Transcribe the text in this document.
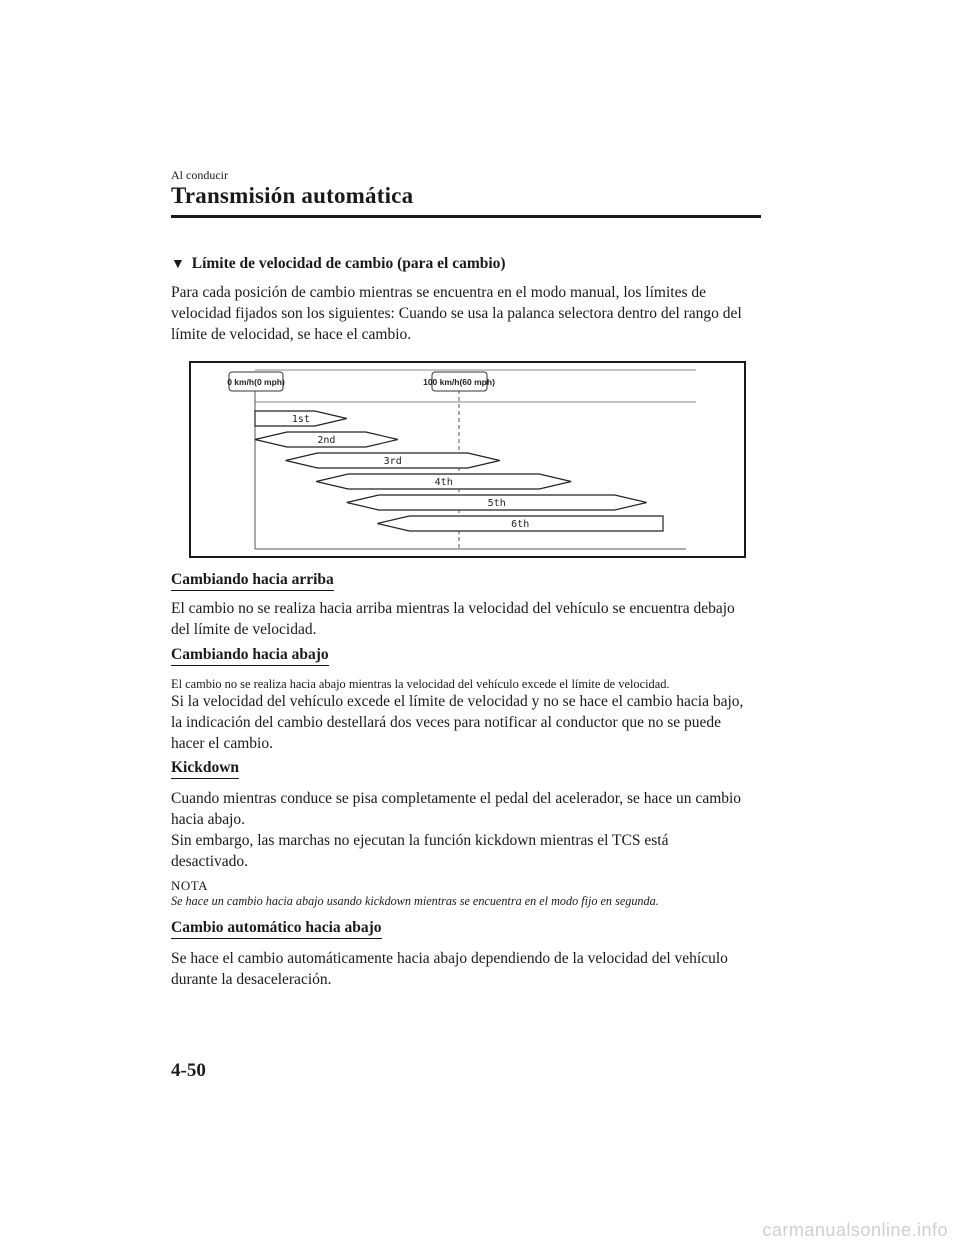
Al conducir
Transmisión automática
▼ Límite de velocidad de cambio (para el cambio)
Para cada posición de cambio mientras se encuentra en el modo manual, los límites de
velocidad fijados son los siguientes: Cuando se usa la palanca selectora dentro del rango del
límite de velocidad, se hace el cambio.
0 km/h(0 mph)	100 km/h(60 mph)
1st
2nd
3rd
4th
5th
6th
Cambiando hacia arriba
El cambio no se realiza hacia arriba mientras la velocidad del vehículo se encuentra debajo
del límite de velocidad.
Cambiando hacia abajo
El cambio no se realiza hacia abajo mientras la velocidad del vehículo excede el límite de velocidad.
Si la velocidad del vehículo excede el límite de velocidad y no se hace el cambio hacia bajo,
la indicación del cambio destellará dos veces para notificar al conductor que no se puede
hacer el cambio.
Kickdown
Cuando mientras conduce se pisa completamente el pedal del acelerador, se hace un cambio
hacia abajo.
Sin embargo, las marchas no ejecutan la función kickdown mientras el TCS está
desactivado.
NOTA
Se hace un cambio hacia abajo usando kickdown mientras se encuentra en el modo fijo en segunda.
Cambio automático hacia abajo
Se hace el cambio automáticamente hacia abajo dependiendo de la velocidad del vehículo
durante la desaceleración.
4-50
carmanualsonline.info
